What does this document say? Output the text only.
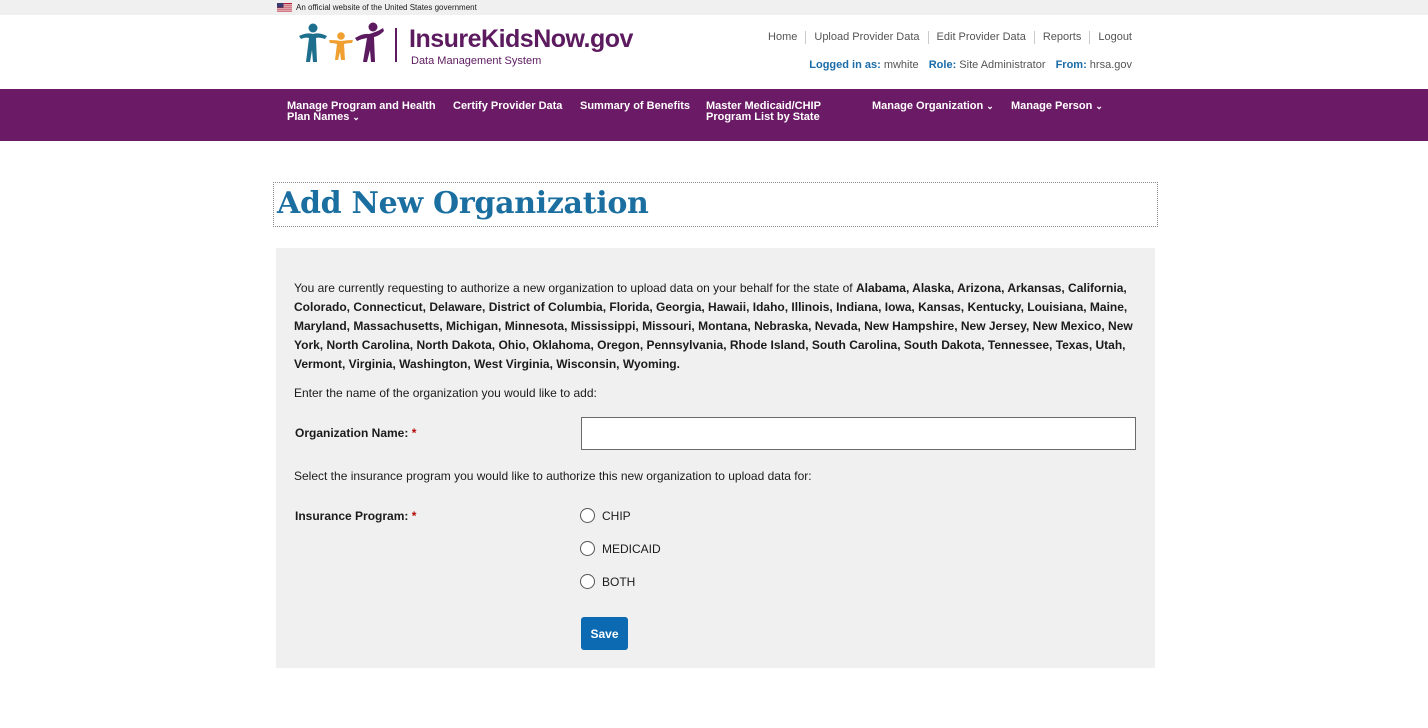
An official website of the United States government
InsureKidsNow.gov
Data Management System
Home	Upload Provider Data	Edit Provider Data	Reports	Logout
Logged in as: mwhite Role: Site Administrator From: hrsa.gov
Manage Program and Health
Plan Names ⌄
Certify Provider Data Summary of Benefits Master Medicaid/CHIP
Program List by State
Manage Organization ⌄ Manage Person ⌄
Add New Organization

You are currently requesting to authorize a new organization to upload data on your behalf for the state of Alabama, Alaska, Arizona, Arkansas, California, Colorado, Connecticut, Delaware, District of Columbia, Florida, Georgia, Hawaii, Idaho, Illinois, Indiana, Iowa, Kansas, Kentucky, Louisiana, Maine, Maryland, Massachusetts, Michigan, Minnesota, Mississippi, Missouri, Montana, Nebraska, Nevada, New Hampshire, New Jersey, New Mexico, New York, North Carolina, North Dakota, Ohio, Oklahoma, Oregon, Pennsylvania, Rhode Island, South Carolina, South Dakota, Tennessee, Texas, Utah, Vermont, Virginia, Washington, West Virginia, Wisconsin, Wyoming.

Enter the name of the organization you would like to add:
Organization Name: *
Select the insurance program you would like to authorize this new organization to upload data for:
Insurance Program: *	CHIP
MEDICAID
BOTH
Save
